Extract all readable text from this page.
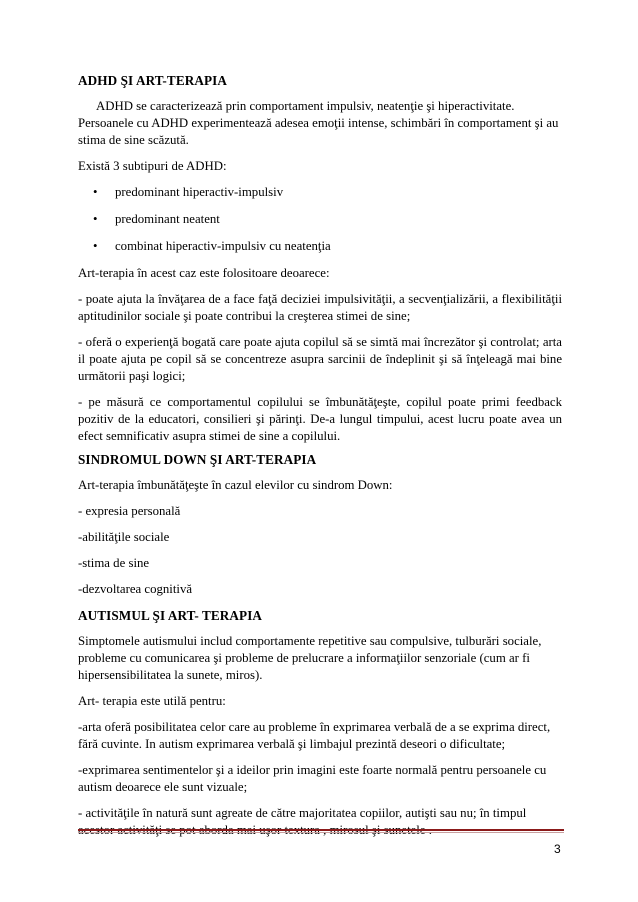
ADHD ŞI ART-TERAPIA
ADHD se caracterizează prin comportament impulsiv, neatenţie şi hiperactivitate. Persoanele cu ADHD experimentează adesea emoţii intense, schimbări în comportament şi au stima de sine scăzută.
Există 3 subtipuri de ADHD:
• predominant hiperactiv-impulsiv
• predominant neatent
• combinat hiperactiv-impulsiv cu neatenţia
Art-terapia în acest caz este folositoare deoarece:
- poate ajuta la învăţarea de a face faţă deciziei impulsivităţii, a secvenţializării, a flexibilităţii aptitudinilor sociale şi poate contribui la creşterea stimei de sine;
- oferă o experienţă bogată care poate ajuta copilul să se simtă mai încrezător şi controlat; arta il poate ajuta pe copil să se concentreze asupra sarcinii de îndeplinit şi să înţeleagă mai bine următorii paşi logici;
- pe măsură ce comportamentul copilului se îmbunătăţeşte, copilul poate primi feedback pozitiv de la educatori, consilieri şi părinţi. De-a lungul timpului, acest lucru poate avea un efect semnificativ asupra stimei de sine a copilului.
SINDROMUL DOWN ŞI ART-TERAPIA
Art-terapia îmbunătăţeşte în cazul elevilor cu sindrom Down:
- expresia personală
-abilităţile sociale
-stima de sine
-dezvoltarea cognitivă
AUTISMUL ŞI ART- TERAPIA
Simptomele autismului includ comportamente repetitive sau compulsive, tulburări sociale, probleme cu comunicarea şi probleme de prelucrare a informaţiilor senzoriale (cum ar fi hipersensibilitatea la sunete, miros).
Art- terapia este utilă pentru:
-arta oferă posibilitatea celor care au probleme în exprimarea verbală de a se exprima direct, fără cuvinte. In autism exprimarea verbală şi limbajul prezintă deseori o dificultate;
-exprimarea sentimentelor şi a ideilor prin imagini este foarte normală pentru persoanele cu autism deoarece ele sunt vizuale;
- activităţile în natură sunt agreate de către majoritatea copiilor, autişti sau nu; în timpul acestor activităţi se pot aborda mai uşor textura , mirosul şi sunetele .
3
